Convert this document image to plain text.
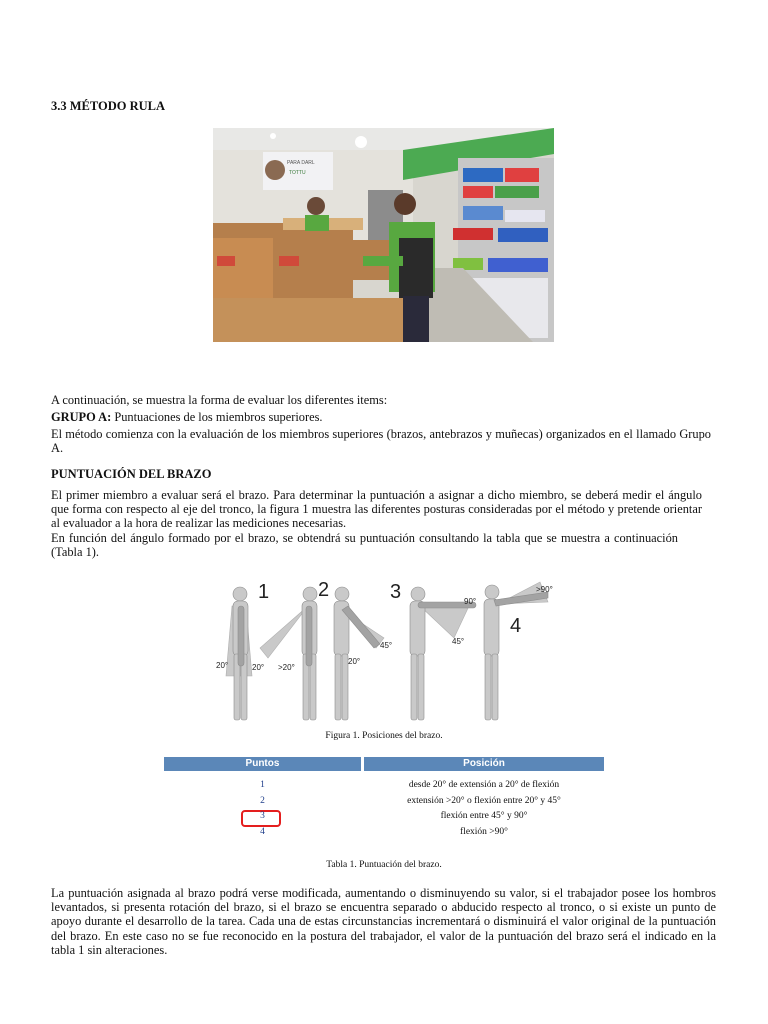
3.3 MÉTODO RULA
PARA DARL
TOTTU
A continuación, se muestra la forma de evaluar los diferentes items:
GRUPO A: Puntuaciones de los miembros superiores.
El método comienza con la evaluación de los miembros superiores (brazos, antebrazos y muñecas) organizados en el llamado Grupo A.
PUNTUACIÓN DEL BRAZO
El primer miembro a evaluar será el brazo. Para determinar la puntuación a asignar a dicho miembro, se deberá medir el ángulo que forma con respecto al eje del tronco, la figura 1 muestra las diferentes posturas consideradas por el método y pretende orientar al evaluador a la hora de realizar las mediciones necesarias.
En función del ángulo formado por el brazo, se obtendrá su puntuación consultando la tabla que se muestra a continuación (Tabla 1).
1 2	3
4
20°	20° >20°
20°
45°
90°
45°
>90°
Figura 1. Posiciones del brazo.
Puntos	Posición
1	desde 20° de extensión a 20° de flexión
2	extensión >20° o flexión entre 20° y 45°
3	flexión entre 45° y 90°
4	flexión >90°
Tabla 1. Puntuación del brazo.
La puntuación asignada al brazo podrá verse modificada, aumentando o disminuyendo su valor, si el trabajador posee los hombros levantados, si presenta rotación del brazo, si el brazo se encuentra separado o abducido respecto al tronco, o si existe un punto de apoyo durante el desarrollo de la tarea. Cada una de estas circunstancias incrementará o disminuirá el valor original de la puntuación del brazo. En este caso no se fue reconocido en la postura del trabajador, el valor de la puntuación del brazo será el indicado en la tabla 1 sin alteraciones.
